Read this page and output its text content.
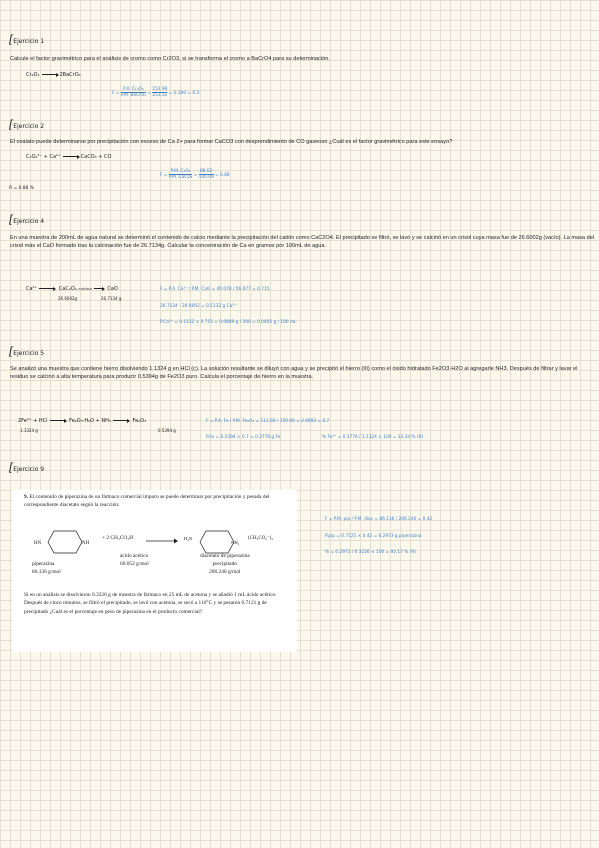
[Ejercicio 1
Calcule el factor gravimétrico para el análisis de cromo como Cr2O3, si se transforma el cromo a BaCrO4 para su determinación.
Cr₂O₃	2BaCrO₄
$F = \frac{\text{P.A. Cr₂O₃}}{\text{P.M. BaCrO₄}} = \frac{151.99}{253.32} = 0.300 = 0.3$
[Ejercicio 2
El oxalato puede determinarse por precipitación con exceso de Ca 2+ para formar CaCO3 con desprendimiento de CO gaseoso ¿Cuál es el factor gravimétrico para este ensayo?
C₂O₄²⁻ + Ca²⁺	CaCO₃ + CO
$F = \frac{\text{P.M. C₂O₄}}{\text{P.M. CaCO₃}} = \frac{88.02}{100.09} = 0.88$
R = 0.88 %
[Ejercicio 4
En una muestra de 200mL de agua natural se determinó el contenido de calcio mediante la precipitación del catión como CaC2O4. El precipitado se filtró, se lavó y se calcinó en un crisol cuya masa fue de 26.6002g (vacío). La masa del crisol más el CaO formado tras la calcinación fue de 26.7134g. Calcular la concentración de Ca en gramos por 100mL de agua.
Ca²⁺	CaC₂O₄ calcina	CaO
26.6002g	26.7134 g
F = P.A. Ca²⁺ / P.M. CaO = 40.078 / 56.077 = 0.715
26.7134 - 26.6002 = 0.1132 g Ca²⁺
P.Ca²⁺ = 0.1132 × 0.715 = 0.0809 g / 200 = 0.0405 g / 100 mL
[Ejercicio 5
Se analizó una muestra que contiene hierro disolviendo 1.1324 g en HCl (c). La solución resultante se diluyó con agua y se precipitó el hierro (III) como el óxido hidratado Fe2O3·H2O al agregarle NH3. Después de filtrar y lavar el residuo se calcinó a alta temperatura para producir 0.5394g de Fe2O3 puro. Calcula el porcentaje de hierro en la muestra.
2Fe³⁺ + HCl	Fe₂O₃·H₂O + NH₃	Fe₂O₃
1.1324 g	0.5394 g
F = P.A. Fe / P.M. Fe₂O₃ = 111.69 / 159.69 = 0.6993 = 0.7
P.Fe = 0.5394 × 0.7 = 0.3776 g Fe	% Fe³⁺ = 0.3776 / 1.1324 × 100 = 33.34 % (R)
[Ejercicio 9

9. El contenido de piperazina de un fármaco comercial impuro se puede determinar por precipitación y pesada del correspondiente diacetato según la reacción:

HN	NH
H₂N
NH₂
+ 2 CH₃CO₂H	(CH₃CO₂⁻)₂
piperazina
86.136 g/mol
ácido acético
60.052 g/mol
diacetato de piperazina
precipitado
206.240 g/mol

Si en un análisis se disolvieron 0.3226 g de muestra de fármaco en 25 mL de acetona y se añadió 1 mL ácido acético. Después de cinco minutos, se filtró el precipitado, se lavó con acetona, se secó a 110°C y se pesaron 0.7121 g de precipitado ¿Cuál es el porcentaje en peso de piperazina en el producto comercial?

F = P.M. pip / P.M. diac = 86.136 / 206.240 = 0.42
P.pip = 0.7121 × 0.42 = 0.2973 g piperazina
% = 0.2973 / 0.3226 × 100 = 92.17 % (R)
